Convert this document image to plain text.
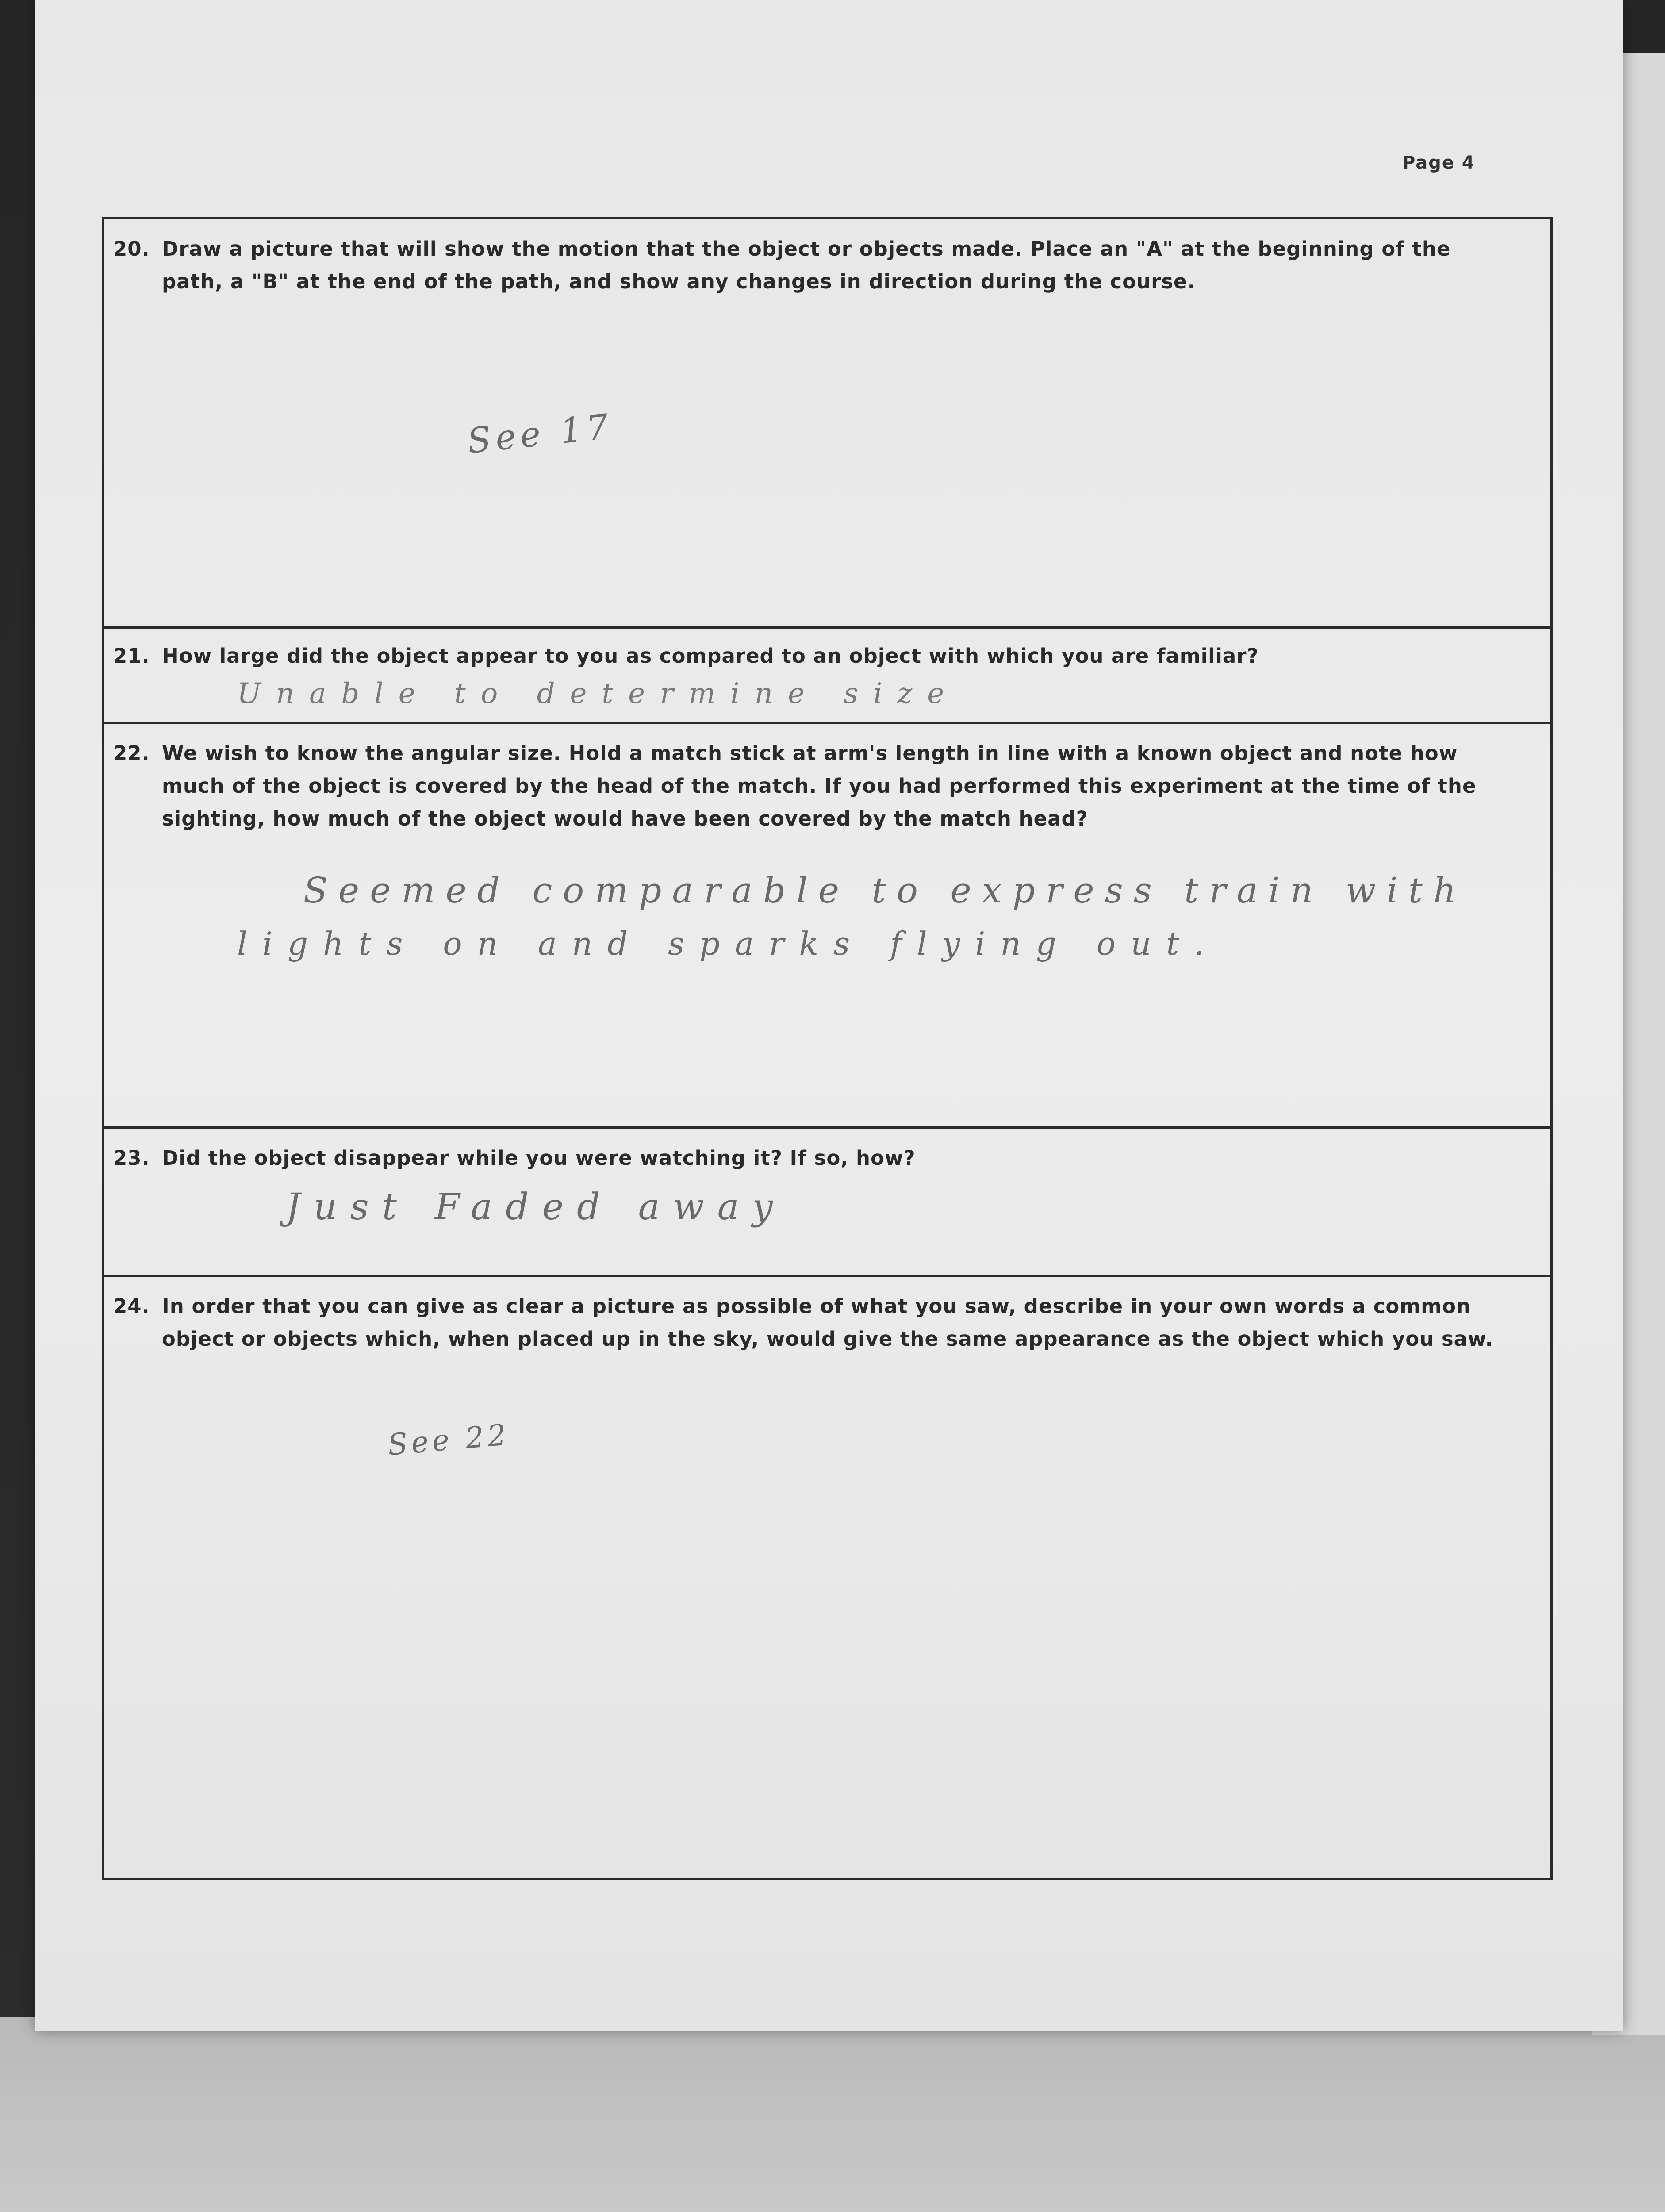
Page 4
20. Draw a picture that will show the motion that the object or objects made. Place an "A" at the beginning of the path, a "B" at the end of the path, and show any changes in direction during the course.
See 17
21. How large did the object appear to you as compared to an object with which you are familiar?
Unable to determine size
22. We wish to know the angular size. Hold a match stick at arm's length in line with a known object and note how much of the object is covered by the head of the match. If you had performed this experiment at the time of the sighting, how much of the object would have been covered by the match head?
Seemed comparable to express train with
lights on and sparks flying out.
23. Did the object disappear while you were watching it? If so, how?
Just Faded away
24. In order that you can give as clear a picture as possible of what you saw, describe in your own words a common object or objects which, when placed up in the sky, would give the same appearance as the object which you saw.
See 22
